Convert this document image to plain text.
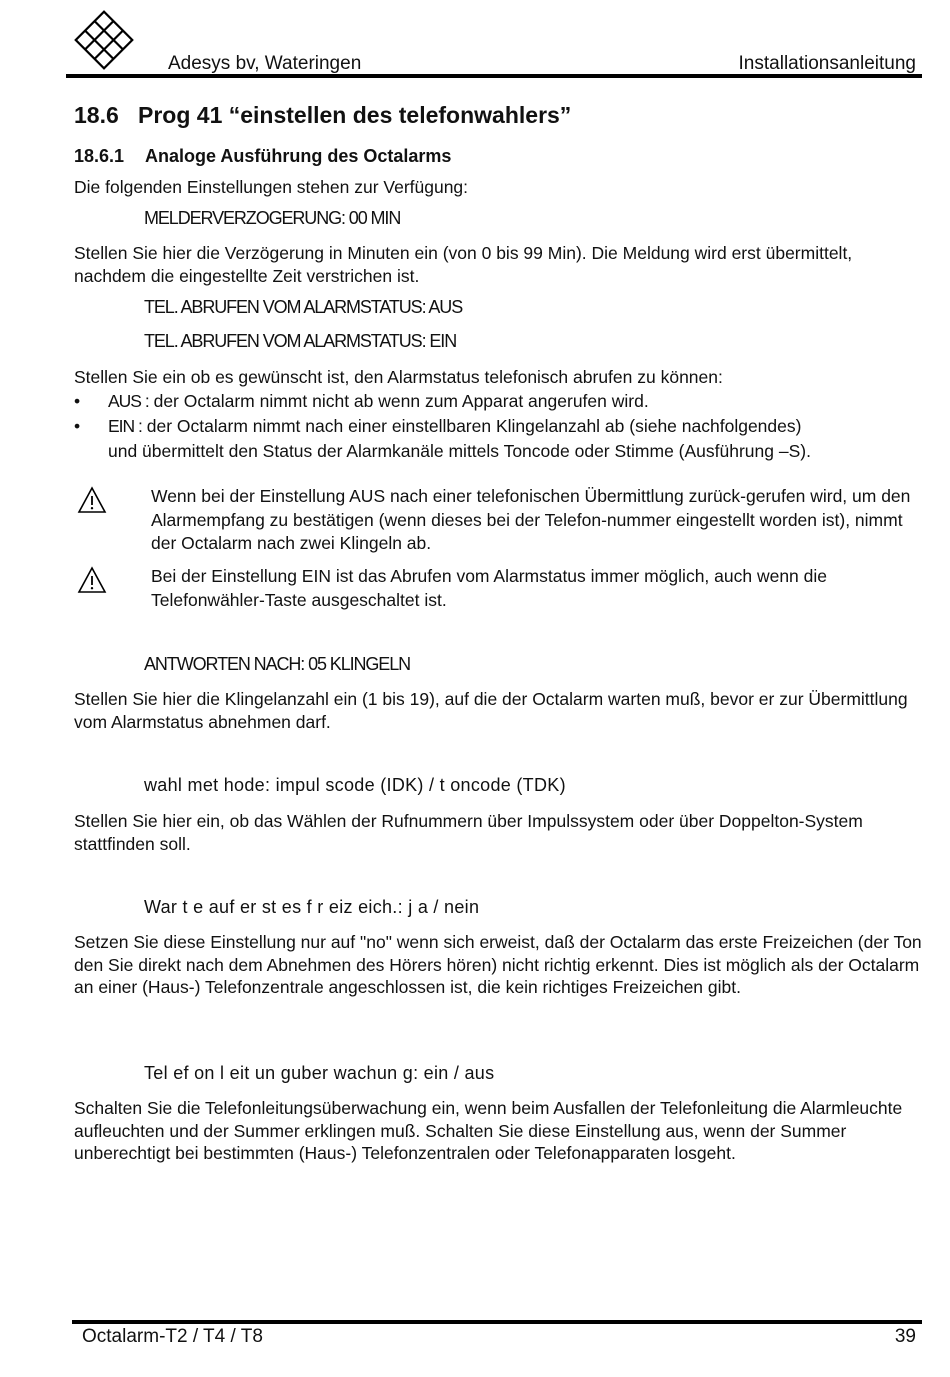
Adesys bv, Wateringen	Installationsanleitung
18.6 Prog 41 “einstellen des telefonwahlers”
18.6.1 Analoge Ausführung des Octalarms

Die folgenden Einstellungen stehen zur Verfügung:

MELDERVERZOGERUNG: 00 MIN

Stellen Sie hier die Verzögerung in Minuten ein (von 0 bis 99 Min). Die Meldung wird erst übermittelt, nachdem die eingestellte Zeit verstrichen ist.

TEL. ABRUFEN VOM ALARMSTATUS: AUS
TEL. ABRUFEN VOM ALARMSTATUS: EIN

Stellen Sie ein ob es gewünscht ist, den Alarmstatus telefonisch abrufen zu können:

• AUS : der Octalarm nimmt nicht ab wenn zum Apparat angerufen wird.
• EIN : der Octalarm nimmt nach einer einstellbaren Klingelanzahl ab (siehe nachfolgendes)
und übermittelt den Status der Alarmkanäle mittels Toncode oder Stimme (Ausführung –S).

Wenn bei der Einstellung AUS nach einer telefonischen Übermittlung zurück-gerufen wird, um den Alarmempfang zu bestätigen (wenn dieses bei der Telefon-nummer eingestellt worden ist), nimmt der Octalarm nach zwei Klingeln ab.

Bei der Einstellung EIN ist das Abrufen vom Alarmstatus immer möglich, auch wenn die Telefonwähler-Taste ausgeschaltet ist.

ANTWORTEN NACH: 05 KLINGELN

Stellen Sie hier die Klingelanzahl ein (1 bis 19), auf die der Octalarm warten muß, bevor er zur Übermittlung vom Alarmstatus abnehmen darf.

wahl met hode: impul scode (IDK) / t oncode (TDK)

Stellen Sie hier ein, ob das Wählen der Rufnummern über Impulssystem oder über Doppelton-System stattfinden soll.

War t e auf er st es f r eiz eich.: j a / nein

Setzen Sie diese Einstellung nur auf "no" wenn sich erweist, daß der Octalarm das erste Freizeichen (der Ton den Sie direkt nach dem Abnehmen des Hörers hören) nicht richtig erkennt. Dies ist möglich als der Octalarm an einer (Haus-) Telefonzentrale angeschlossen ist, die kein richtiges Freizeichen gibt.

Tel ef on l eit un guber wachun g: ein / aus

Schalten Sie die Telefonleitungsüberwachung ein, wenn beim Ausfallen der Telefonleitung die Alarmleuchte aufleuchten und der Summer erklingen muß. Schalten Sie diese Einstellung aus, wenn der Summer unberechtigt bei bestimmten (Haus-) Telefonzentralen oder Telefonapparaten losgeht.

Octalarm-T2 / T4 / T8	39
